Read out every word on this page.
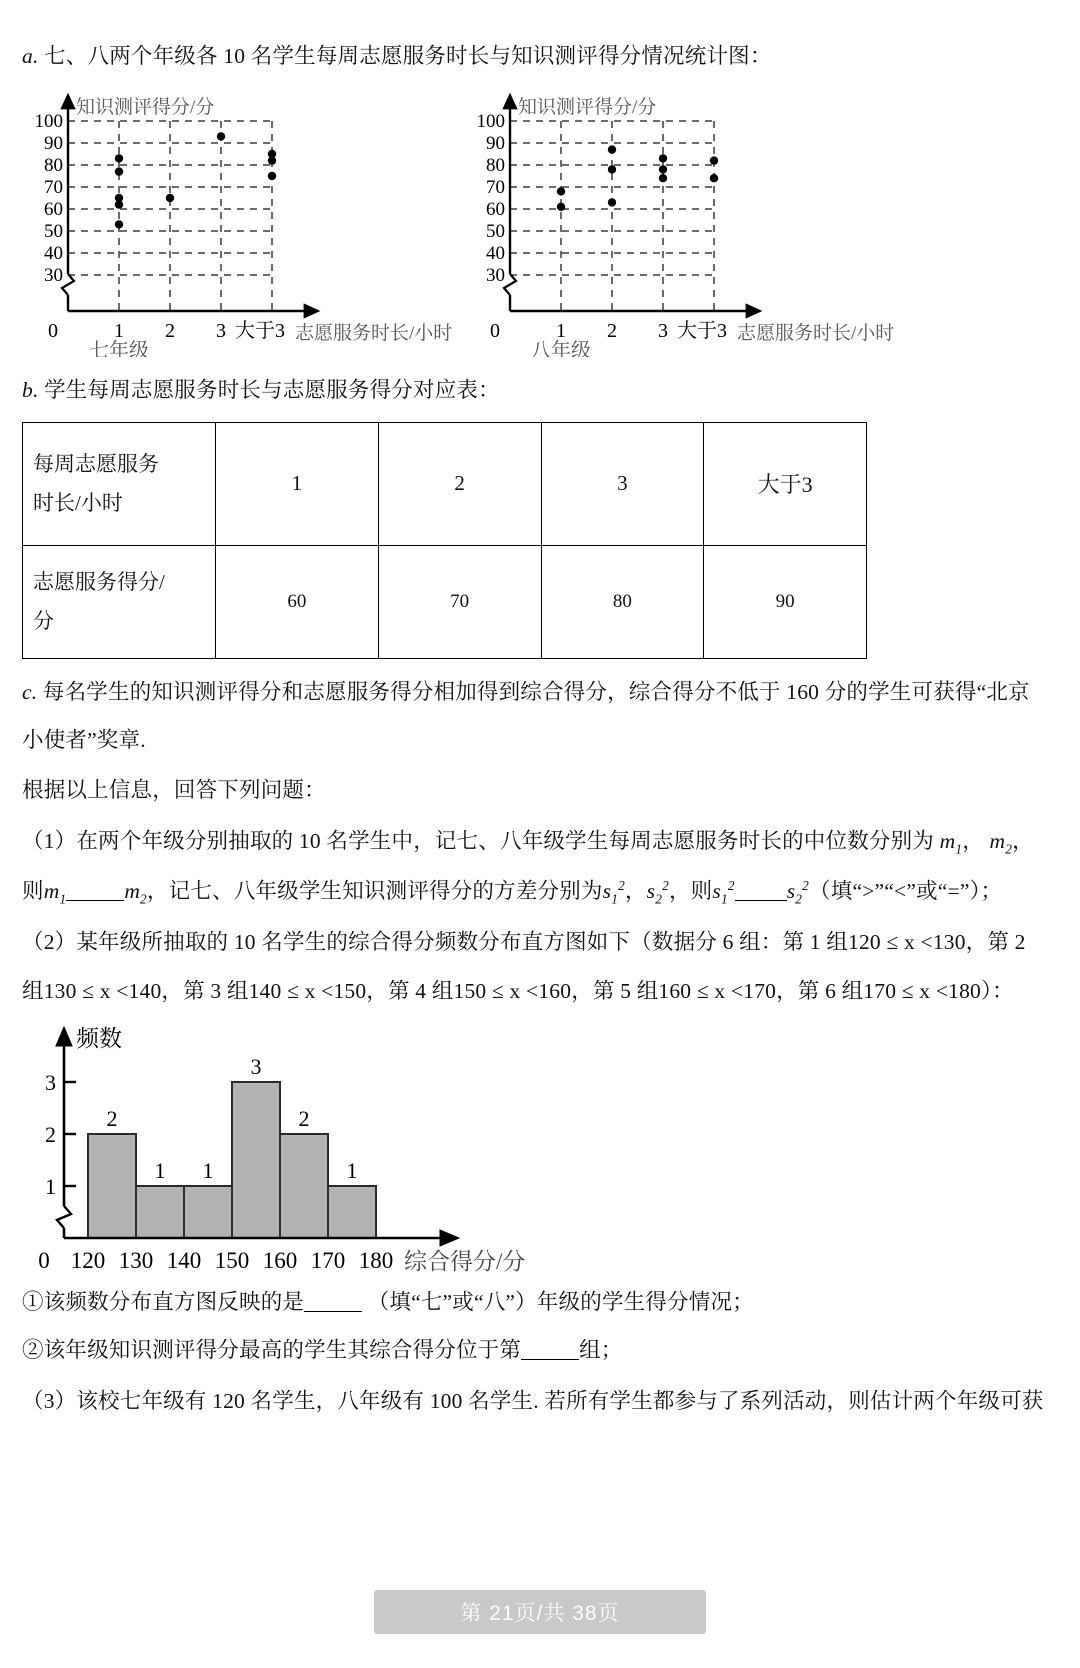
a. 七、八两个年级各 10 名学生每周志愿服务时长与知识测评得分情况统计图：

100
90
80
70
60
50
40
30
知识测评得分/分
0	1 2 3 大于3 志愿服务时长/小时
七年级
100
90
80
70
60
50
40
30
知识测评得分/分
0	1 2 3 大于3 志愿服务时长/小时
八年级

b. 学生每周志愿服务时长与志愿服务得分对应表：

每周志愿服务
时长/小时	1	2	3	大于3

志愿服务得分/
分	60	70	80	90

c. 每名学生的知识测评得分和志愿服务得分相加得到综合得分，综合得分不低于 160 分的学生可获得“北京

小使者”奖章.

根据以上信息，回答下列问题：

（1）在两个年级分别抽取的 10 名学生中，记七、八年级学生每周志愿服务时长的中位数分别为 $m_1$， $m_2$，

则$m_1$	$m_2$，记七、八年级学生知识测评得分的方差分别为$s_1^2$，$s_2^2$，则$s_1^2$ $s_2^2$（填“>”“<”或“=”）；

（2）某年级所抽取的 10 名学生的综合得分频数分布直方图如下（数据分 6 组：第 1 组120 ≤ x <130，第 2

组130 ≤ x <140，第 3 组140 ≤ x <150，第 4 组150 ≤ x <160，第 5 组160 ≤ x <170，第 6 组170 ≤ x <180）：

2
1 1
3
2
1
1
2
3
频数
0 120 130 140 150 160 170 180 综合得分/分

①该频数分布直方图反映的是	（填“七”或“八”）年级的学生得分情况；

②该年级知识测评得分最高的学生其综合得分位于第	组；

（3）该校七年级有 120 名学生，八年级有 100 名学生. 若所有学生都参与了系列活动，则估计两个年级可获

第 21页/共 38页
